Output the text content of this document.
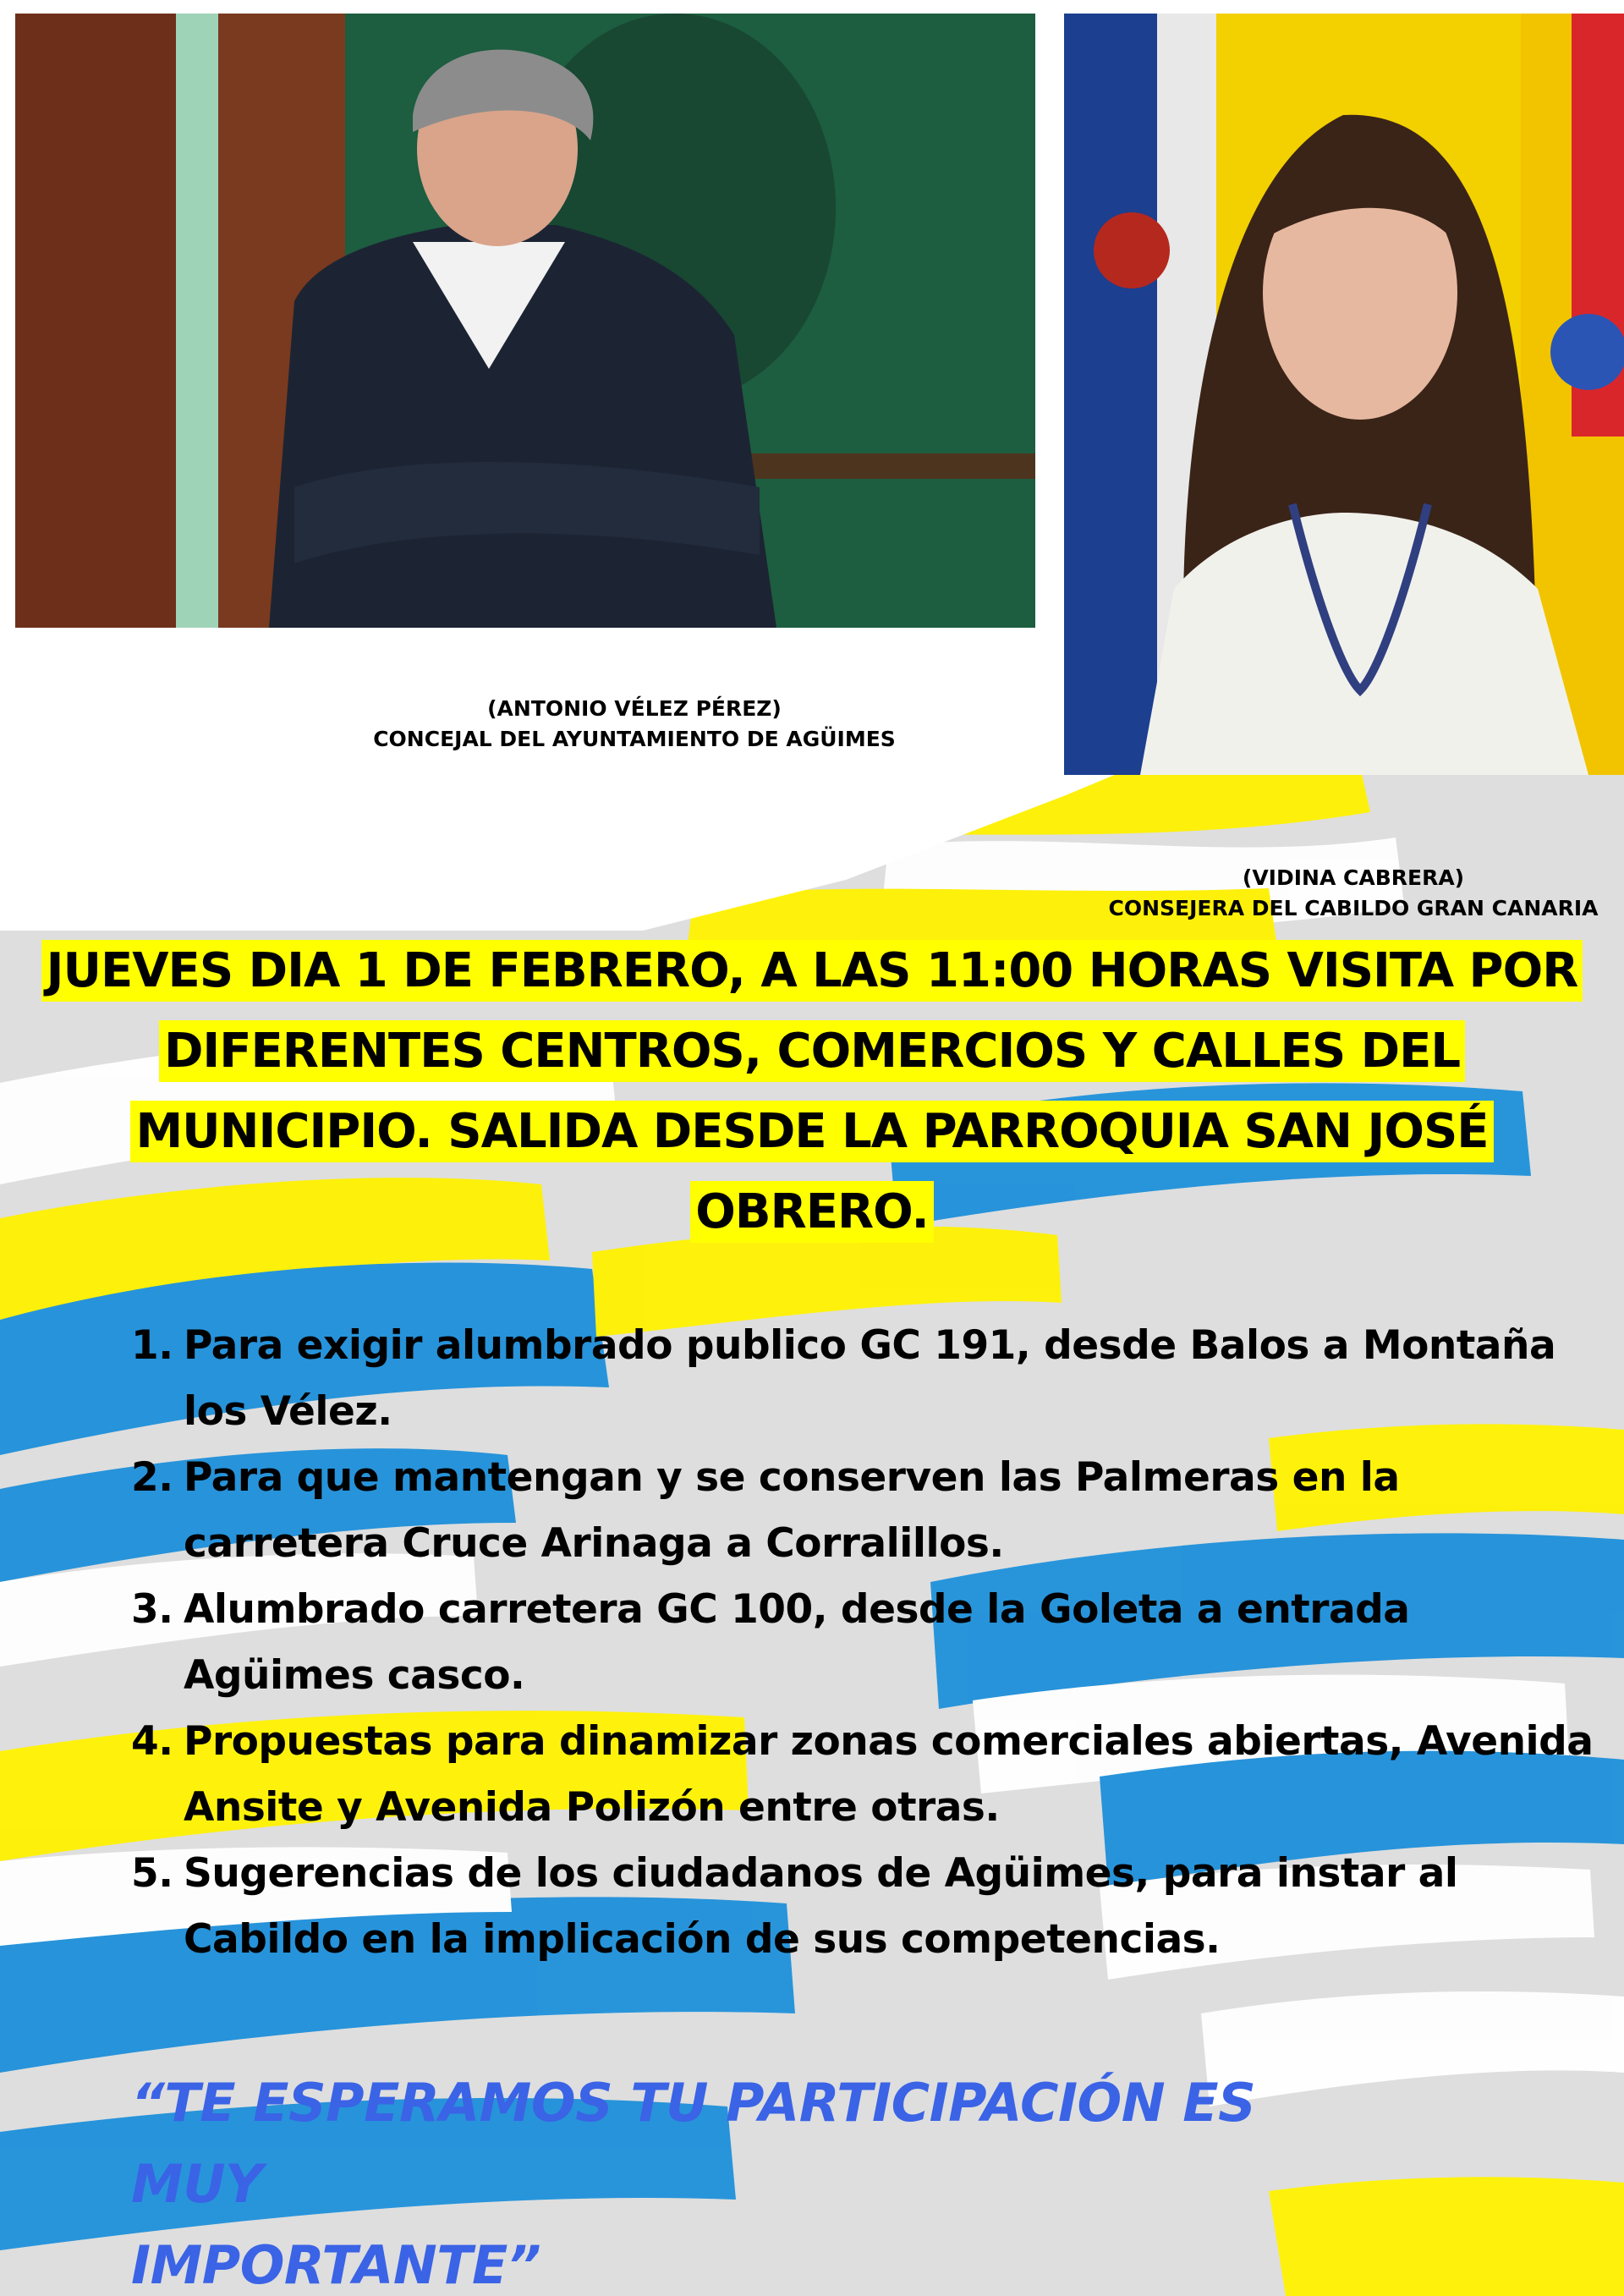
(ANTONIO VÉLEZ PÉREZ)
CONCEJAL DEL AYUNTAMIENTO DE AGÜIMES
(VIDINA CABRERA)
CONSEJERA DEL CABILDO GRAN CANARIA
JUEVES DIA 1 DE FEBRERO, A LAS 11:00 HORAS VISITA POR
DIFERENTES CENTROS, COMERCIOS Y CALLES DEL
MUNICIPIO. SALIDA DESDE LA PARROQUIA SAN JOSÉ
OBRERO.
1. Para exigir alumbrado publico GC 191, desde Balos a Montaña
los Vélez.
2. Para que mantengan y se conserven las Palmeras en la
carretera Cruce Arinaga a Corralillos.
3. Alumbrado carretera GC 100, desde la Goleta a entrada
Agüimes casco.
4. Propuestas para dinamizar zonas comerciales abiertas, Avenida
Ansite y Avenida Polizón entre otras.
5. Sugerencias de los ciudadanos de Agüimes, para instar al
Cabildo en la implicación de sus competencias.
“TE ESPERAMOS TU PARTICIPACIÓN ES MUY
IMPORTANTE”
